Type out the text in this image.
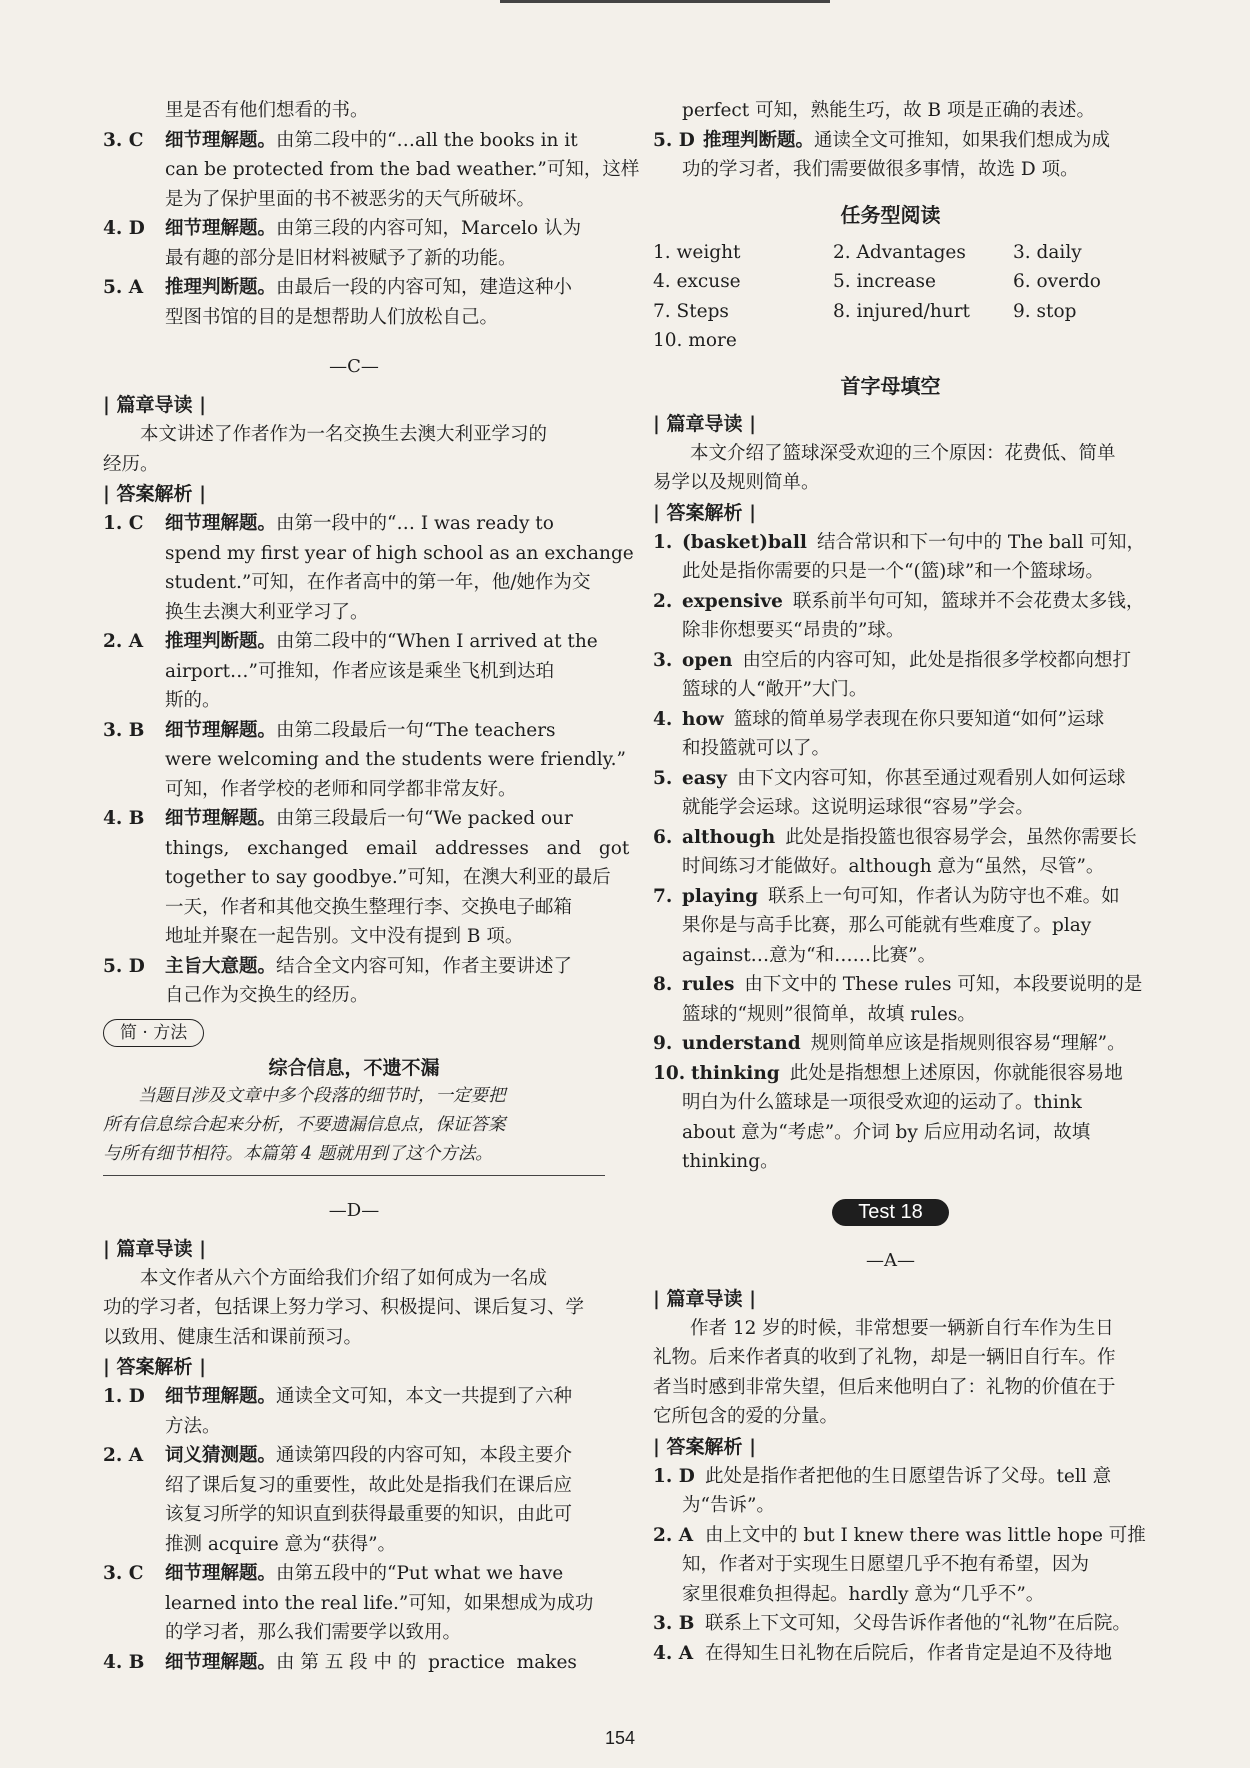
里是否有他们想看的书。
3. C	细节理解题。由第二段中的“…all the books in it
can be protected from the bad weather.”可知，这样
是为了保护里面的书不被恶劣的天气所破坏。
4. D	细节理解题。由第三段的内容可知，Marcelo 认为
最有趣的部分是旧材料被赋予了新的功能。
5. A	推理判断题。由最后一段的内容可知，建造这种小
型图书馆的目的是想帮助人们放松自己。
—C—
| 篇章导读 |
本文讲述了作者作为一名交换生去澳大利亚学习的
经历。
| 答案解析 |
1. C	细节理解题。由第一段中的“… I was ready to
spend my first year of high school as an exchange
student.”可知，在作者高中的第一年，他/她作为交
换生去澳大利亚学习了。
2. A	推理判断题。由第二段中的“When I arrived at the
airport…”可推知，作者应该是乘坐飞机到达珀
斯的。
3. B	细节理解题。由第二段最后一句“The teachers
were welcoming and the students were friendly.”
可知，作者学校的老师和同学都非常友好。
4. B	细节理解题。由第三段最后一句“We packed our
things,   exchanged   email   addresses   and   got
together to say goodbye.”可知，在澳大利亚的最后
一天，作者和其他交换生整理行李、交换电子邮箱
地址并聚在一起告别。文中没有提到 B 项。
5. D	主旨大意题。结合全文内容可知，作者主要讲述了
自己作为交换生的经历。
简 · 方法
综合信息，不遗不漏
当题目涉及文章中多个段落的细节时，一定要把
所有信息综合起来分析，不要遗漏信息点，保证答案
与所有细节相符。本篇第 4 题就用到了这个方法。
—D—
| 篇章导读 |
本文作者从六个方面给我们介绍了如何成为一名成
功的学习者，包括课上努力学习、积极提问、课后复习、学
以致用、健康生活和课前预习。
| 答案解析 |
1. D	细节理解题。通读全文可知，本文一共提到了六种
方法。
2. A	词义猜测题。通读第四段的内容可知，本段主要介
绍了课后复习的重要性，故此处是指我们在课后应
该复习所学的知识直到获得最重要的知识，由此可
推测 acquire 意为“获得”。
3. C	细节理解题。由第五段中的“Put what we have
learned into the real life.”可知，如果想成为成功
的学习者，那么我们需要学以致用。
4. B	细节理解题。由 第 五 段 中 的  practice  makes
perfect 可知，熟能生巧，故 B 项是正确的表述。
5. D 推理判断题。通读全文可推知，如果我们想成为成
功的学习者，我们需要做很多事情，故选 D 项。
任务型阅读
1. weight	2. Advantages	3. daily
4. excuse	5. increase	6. overdo
7. Steps	8. injured/hurt	9. stop
10. more
首字母填空
| 篇章导读 |
本文介绍了篮球深受欢迎的三个原因：花费低、简单
易学以及规则简单。
| 答案解析 |
1. (basket)ball 结合常识和下一句中的 The ball 可知，
此处是指你需要的只是一个“(篮)球”和一个篮球场。
2. expensive 联系前半句可知，篮球并不会花费太多钱，
除非你想要买“昂贵的”球。
3. open 由空后的内容可知，此处是指很多学校都向想打
篮球的人“敞开”大门。
4. how 篮球的简单易学表现在你只要知道“如何”运球
和投篮就可以了。
5. easy 由下文内容可知，你甚至通过观看别人如何运球
就能学会运球。这说明运球很“容易”学会。
6. although 此处是指投篮也很容易学会，虽然你需要长
时间练习才能做好。although 意为“虽然，尽管”。
7. playing 联系上一句可知，作者认为防守也不难。如
果你是与高手比赛，那么可能就有些难度了。play
against…意为“和……比赛”。
8. rules 由下文中的 These rules 可知，本段要说明的是
篮球的“规则”很简单，故填 rules。
9. understand 规则简单应该是指规则很容易“理解”。
10. thinking 此处是指想想上述原因，你就能很容易地
明白为什么篮球是一项很受欢迎的运动了。think
about 意为“考虑”。介词 by 后应用动名词，故填
thinking。
Test 18
—A—
| 篇章导读 |
作者 12 岁的时候，非常想要一辆新自行车作为生日
礼物。后来作者真的收到了礼物，却是一辆旧自行车。作
者当时感到非常失望，但后来他明白了：礼物的价值在于
它所包含的爱的分量。
| 答案解析 |
1. D 此处是指作者把他的生日愿望告诉了父母。tell 意
为“告诉”。
2. A 由上文中的 but I knew there was little hope 可推
知，作者对于实现生日愿望几乎不抱有希望，因为
家里很难负担得起。hardly 意为“几乎不”。
3. B 联系上下文可知，父母告诉作者他的“礼物”在后院。
4. A 在得知生日礼物在后院后，作者肯定是迫不及待地
154
